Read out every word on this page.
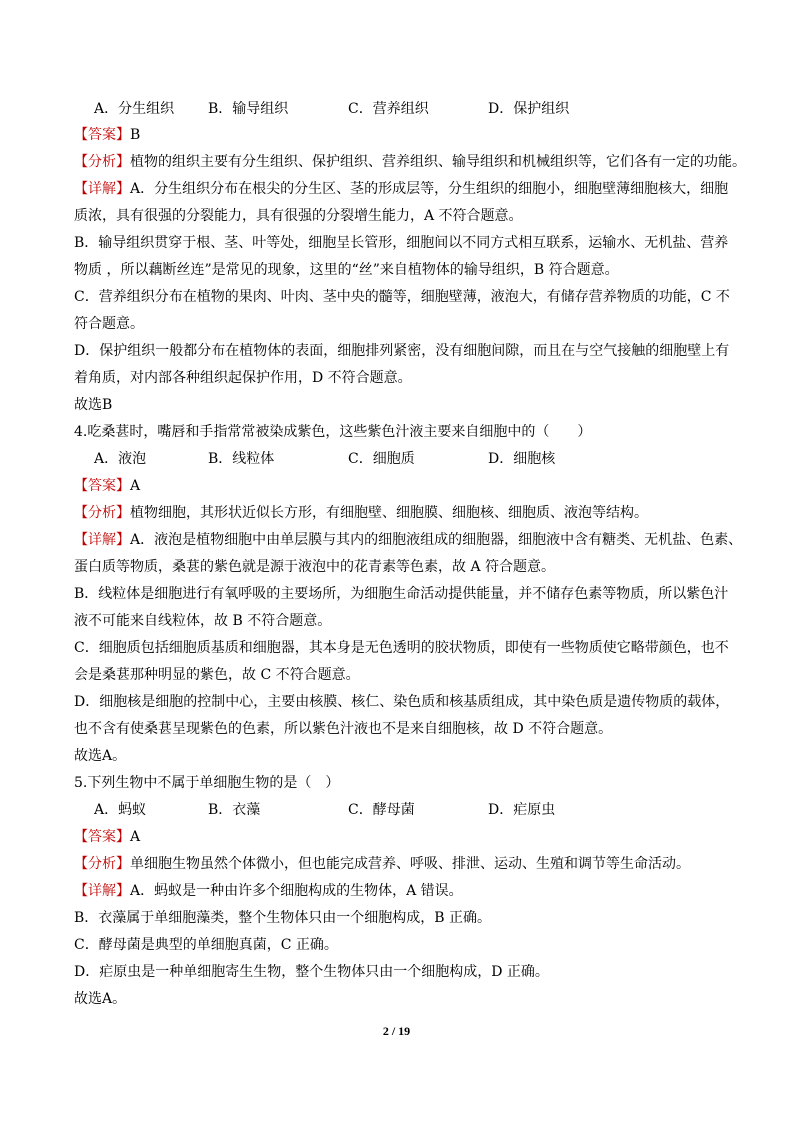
A．分生组织 B．输导组织	C．营养组织	D．保护组织
【答案】B
【分析】植物的组织主要有分生组织、保护组织、营养组织、输导组织和机械组织等，它们各有一定的功能。
【详解】A．分生组织分布在根尖的分生区、茎的形成层等，分生组织的细胞小，细胞壁薄细胞核大，细胞
质浓，具有很强的分裂能力，具有很强的分裂增生能力，A 不符合题意。
B．输导组织贯穿于根、茎、叶等处，细胞呈长管形，细胞间以不同方式相互联系，运输水、无机盐、营养
物质 ，所以藕断丝连”是常见的现象，这里的“丝”来自植物体的输导组织，B 符合题意。
C．营养组织分布在植物的果肉、叶肉、茎中央的髓等，细胞壁薄，液泡大，有储存营养物质的功能，C 不
符合题意。
D．保护组织一般都分布在植物体的表面，细胞排列紧密，没有细胞间隙，而且在与空气接触的细胞壁上有
着角质，对内部各种组织起保护作用，D 不符合题意。
故选B
4.吃桑葚时，嘴唇和手指常常被染成紫色，这些紫色汁液主要来自细胞中的（　　）
A．液泡	B．线粒体	C．细胞质	D．细胞核
【答案】A
【分析】植物细胞，其形状近似长方形，有细胞壁、细胞膜、细胞核、细胞质、液泡等结构。
【详解】A．液泡是植物细胞中由单层膜与其内的细胞液组成的细胞器，细胞液中含有糖类、无机盐、色素、
蛋白质等物质，桑葚的紫色就是源于液泡中的花青素等色素，故 A 符合题意。
B．线粒体是细胞进行有氧呼吸的主要场所，为细胞生命活动提供能量，并不储存色素等物质，所以紫色汁
液不可能来自线粒体，故 B 不符合题意。
C．细胞质包括细胞质基质和细胞器，其本身是无色透明的胶状物质，即使有一些物质使它略带颜色，也不
会是桑葚那种明显的紫色，故 C 不符合题意。
D．细胞核是细胞的控制中心，主要由核膜、核仁、染色质和核基质组成，其中染色质是遗传物质的载体，
也不含有使桑葚呈现紫色的色素，所以紫色汁液也不是来自细胞核，故 D 不符合题意。
故选A。
5.下列生物中不属于单细胞生物的是（　）
A．蚂蚁	B．衣藻	C．酵母菌	D．疟原虫
【答案】A
【分析】单细胞生物虽然个体微小，但也能完成营养、呼吸、排泄、运动、生殖和调节等生命活动。
【详解】A．蚂蚁是一种由许多个细胞构成的生物体，A 错误。
B．衣藻属于单细胞藻类，整个生物体只由一个细胞构成，B 正确。
C．酵母菌是典型的单细胞真菌，C 正确。
D．疟原虫是一种单细胞寄生生物，整个生物体只由一个细胞构成，D 正确。
故选A。
2 / 19
